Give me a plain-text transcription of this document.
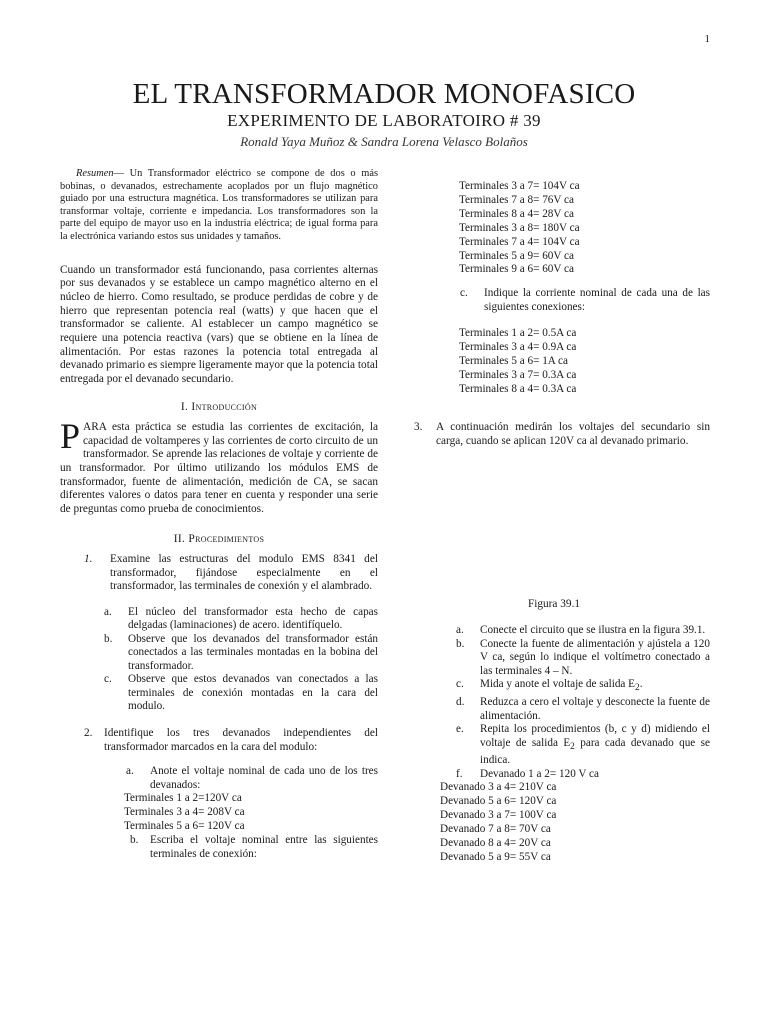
1
EL TRANSFORMADOR MONOFASICO
EXPERIMENTO DE LABORATOIRO # 39
Ronald Yaya Muñoz & Sandra Lorena Velasco Bolaños

Resumen— Un Transformador eléctrico se compone de dos o más bobinas, o devanados, estrechamente acoplados por un flujo magnético guiado por una estructura magnética. Los transformadores se utilizan para transformar voltaje, corriente e impedancia. Los transformadores son la parte del equipo de mayor uso en la industria eléctrica; de igual forma para la electrónica variando estos sus unidades y tamaños.

Cuando un transformador está funcionando, pasa corrientes alternas por sus devanados y se establece un campo magnético alterno en el núcleo de hierro. Como resultado, se produce perdidas de cobre y de hierro que representan potencia real (watts) y que hacen que el transformador se caliente. Al establecer un campo magnético se requiere una potencia reactiva (vars) que se obtiene en la línea de alimentación. Por estas razones la potencia total entregada al devanado primario es siempre ligeramente mayor que la potencia total entregada por el devanado secundario.

I. Introducción

PARA esta práctica se estudia las corrientes de excitación, la capacidad de voltamperes y las corrientes de corto circuito de un transformador. Se aprende las relaciones de voltaje y corriente de un transformador. Por último utilizando los módulos EMS de transformador, fuente de alimentación, medición de CA, se sacan diferentes valores o datos para tener en cuenta y responder una serie de preguntas como prueba de conocimientos.

II. Procedimientos
1.	Examine las estructuras del modulo EMS 8341 del transformador, fijándose especialmente en el transformador, las terminales de conexión y el alambrado.
a.	El núcleo del transformador esta hecho de capas delgadas (laminaciones) de acero. identifíquelo.
b.	Observe que los devanados del transformador están conectados a las terminales montadas en la bobina del transformador.
c.	Observe que estos devanados van conectados a las terminales de conexión montadas en la cara del modulo.
2.	Identifique los tres devanados independientes del transformador marcados en la cara del modulo:
a.	Anote el voltaje nominal de cada uno de los tres devanados:
Terminales 1 a 2=120V ca
Terminales 3 a 4= 208V ca
Terminales 5 a 6= 120V ca
b.	Escriba el voltaje nominal entre las siguientes terminales de conexión:
Terminales 3 a 7= 104V ca
Terminales 7 a 8= 76V ca
Terminales 8 a 4= 28V ca
Terminales 3 a 8= 180V ca
Terminales 7 a 4= 104V ca
Terminales 5 a 9= 60V ca
Terminales 9 a 6= 60V ca
c.	Indique la corriente nominal de cada una de las siguientes conexiones:
Terminales 1 a 2= 0.5A ca
Terminales 3 a 4= 0.9A ca
Terminales 5 a 6= 1A ca
Terminales 3 a 7= 0.3A ca
Terminales 8 a 4= 0.3A ca
3.	A continuación medirán los voltajes del secundario sin carga, cuando se aplican 120V ca al devanado primario.
Figura 39.1
a.	Conecte el circuito que se ilustra en la figura 39.1.
b.	Conecte la fuente de alimentación y ajústela a 120 V ca, según lo indique el voltímetro conectado a las terminales 4 – N.
c.	Mida y anote el voltaje de salida $E_2$.
d.	Reduzca a cero el voltaje y desconecte la fuente de alimentación.
e.	Repita los procedimientos (b, c y d) midiendo el voltaje de salida $E_2$ para cada devanado que se indica.
f.	Devanado 1 a 2= 120 V ca
Devanado 3 a 4= 210V ca
Devanado 5 a 6= 120V ca
Devanado 3 a 7= 100V ca
Devanado 7 a 8= 70V ca
Devanado 8 a 4= 20V ca
Devanado 5 a 9= 55V ca
